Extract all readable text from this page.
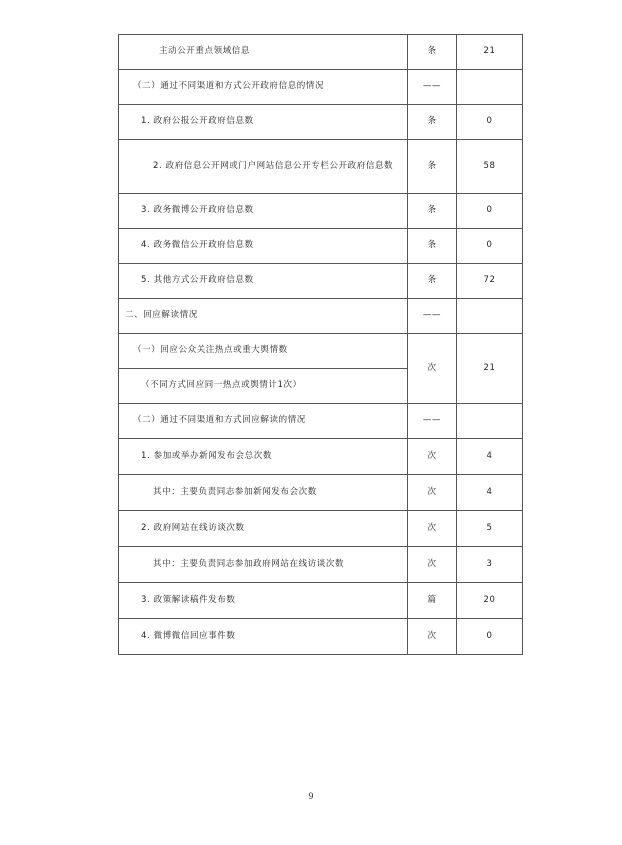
主动公开重点领域信息	条	21
（二）通过不同渠道和方式公开政府信息的情况	——	
1. 政府公报公开政府信息数	条	0
2. 政府信息公开网或门户网站信息公开专栏公开政府信息数	条	58
3. 政务微博公开政府信息数	条	0
4. 政务微信公开政府信息数	条	0
5. 其他方式公开政府信息数	条	72
二、回应解读情况	——	
（一）回应公众关注热点或重大舆情数	次	21
（不同方式回应同一热点或舆情计1次）		
（二）通过不同渠道和方式回应解读的情况	——	
1. 参加或举办新闻发布会总次数	次	4
其中：主要负责同志参加新闻发布会次数	次	4
2. 政府网站在线访谈次数	次	5
其中：主要负责同志参加政府网站在线访谈次数	次	3
3. 政策解读稿件发布数	篇	20
4. 微博微信回应事件数	次	0
9
